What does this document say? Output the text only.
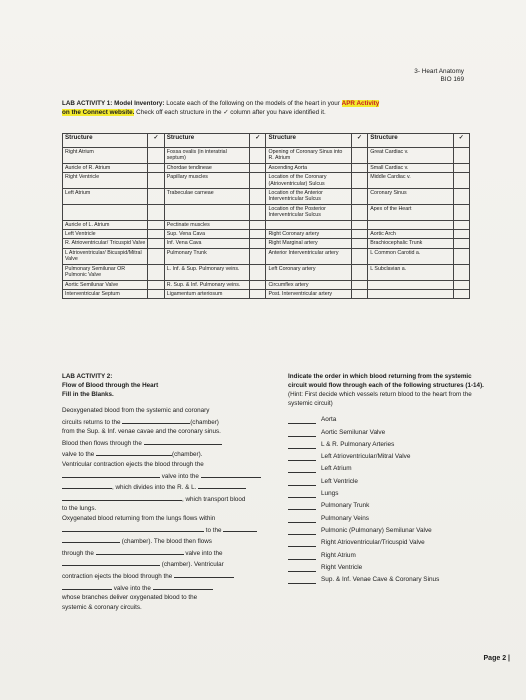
3- Heart Anatomy
BIO 169
LAB ACTIVITY 1: Model Inventory: Locate each of the following on the models of the heart in your APR Activity
on the Connect website. Check off each structure in the ✓ column after you have identified it.
Structure	✓	Structure	✓	Structure	✓	Structure	✓
Right Atrium		Fossa ovalis (in interatrial septum)		Opening of Coronary Sinus into R. Atrium		Great Cardiac v.	
Auricle of R. Atrium		Chordae tendineae		Ascending Aorta		Small Cardiac v.	
Right Ventricle		Papillary muscles		Location of the Coronary (Atrioventricular) Sulcus		Middle Cardiac v.	
Left Atrium		Trabeculae carneae		Location of the Anterior Interventricular Sulcus		Coronary Sinus	
				Location of the Posterior Interventricular Sulcus		Apex of the Heart	
Auricle of L. Atrium		Pectinate muscles					
Left Ventricle		Sup. Vena Cava		Right Coronary artery		Aortic Arch	
R. Atrioventricular/ Tricuspid Valve		Inf. Vena Cava		Right Marginal artery		Brachiocephalic Trunk	
L Atrioventricular/ Bicuspid/Mitral Valve		Pulmonary Trunk		Anterior Interventricular artery		L Common Carotid a.	
Pulmonary Semilunar OR Pulmonic Valve		L. Inf. & Sup. Pulmonary veins.		Left Coronary artery		L Subclavian a.	
Aortic Semilunar Valve		R. Sup. & Inf. Pulmonary veins.		Circumflex artery			
Interventricular Septum		Ligamentum arteriosum		Post. Interventricular artery			
LAB ACTIVITY 2:
Flow of Blood through the Heart
Fill in the Blanks.
Deoxygenated blood from the systemic and coronary
circuits returns to the	(chamber)
from the Sup. & Inf. venae cavae and the coronary sinus.
Blood then flows through the
valve to the	(chamber).
Ventricular contraction ejects the blood through the
valve into the
, which divides into the R. & L.
, which transport blood
to the lungs.
Oxygenated blood returning from the lungs flows within
to the
(chamber). The blood then flows
through the	valve into the
(chamber). Ventricular
contraction ejects the blood through the
valve into the
whose branches deliver oxygenated blood to the
systemic & coronary circuits.
Indicate the order in which blood returning from the systemic circuit would flow through each of the following structures (1-14).
(Hint: First decide which vessels return blood to the heart from the systemic circuit)
Aorta
Aortic Semilunar Valve
L & R. Pulmonary Arteries
Left Atrioventricular/Mitral Valve
Left Atrium
Left Ventricle
Lungs
Pulmonary Trunk
Pulmonary Veins
Pulmonic (Pulmonary) Semilunar Valve
Right Atrioventricular/Tricuspid Valve
Right Atrium
Right Ventricle
Sup. & Inf. Venae Cave & Coronary Sinus
Page 2 |
